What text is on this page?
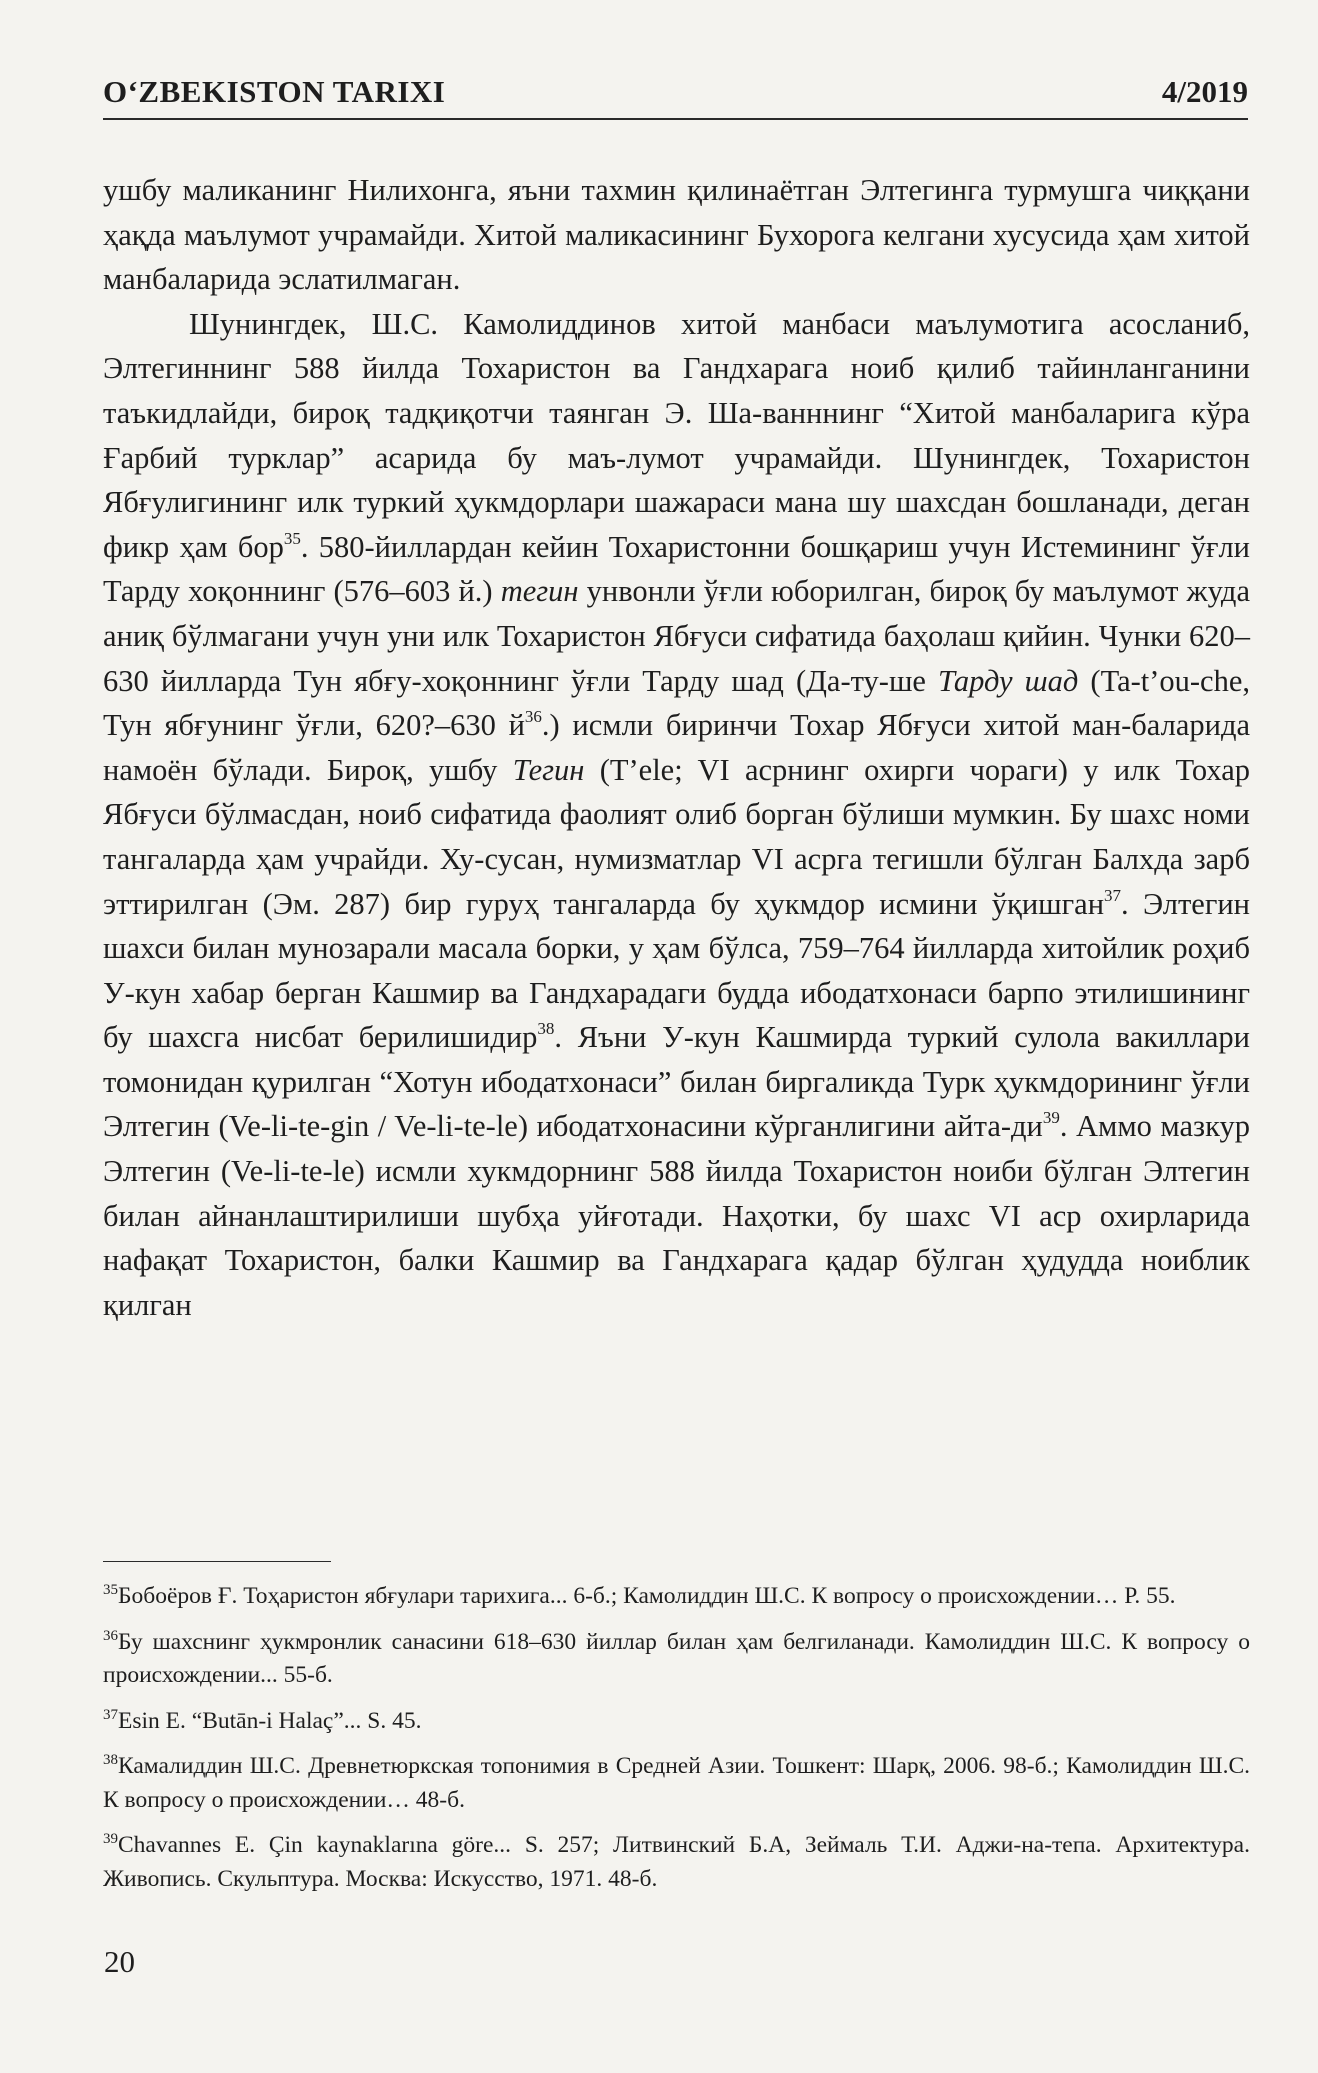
O‘ZBEKISTON TARIXI	4/2019

ушбу маликанинг Нилихонга, яъни тахмин қилинаётган Элтегинга турмушга чиққани ҳақда маълумот учрамайди. Хитой маликасининг Бухорога келгани хусусида ҳам хитой манбаларида эслатилмаган.

Шунингдек, Ш.С. Камолиддинов хитой манбаси маълумотига асосланиб, Элтегиннинг 588 йилда Тохаристон ва Гандхарага ноиб қилиб тайинланганини таъкидлайди, бироқ тадқиқотчи таянган Э. Ша-ванннинг “Хитой манбаларига кўра Ғарбий турклар” асарида бу маъ-лумот учрамайди. Шунингдек, Тохаристон Ябғулигининг илк туркий ҳукмдорлари шажараси мана шу шахсдан бошланади, деган фикр ҳам бор$^{35}$. 580-йиллардан кейин Тохаристонни бошқариш учун Истемининг ўғли Тарду хоқоннинг (576–603 й.) тегин унвонли ўғли юборилган, бироқ бу маълумот жуда аниқ бўлмагани учун уни илк Тохаристон Ябғуси сифатида баҳолаш қийин. Чунки 620–630 йилларда Тун ябғу-хоқоннинг ўғли Тарду шад (Да-ту-ше Тарду шад (Ta-t’ou-che, Тун ябғунинг ўғли, 620?–630 $й^{36}$.) исмли биринчи Тохар Ябғуси хитой ман-баларида намоён бўлади. Бироқ, ушбу Тегин (T’ele; VI асрнинг охирги чораги) у илк Тохар Ябғуси бўлмасдан, ноиб сифатида фаолият олиб борган бўлиши мумкин. Бу шахс номи тангаларда ҳам учрайди. Ху-сусан, нумизматлар VI асрга тегишли бўлган Балхда зарб эттирилган (Эм. 287) бир гуруҳ тангаларда бу ҳукмдор исмини ўқишган$^{37}$. Элтегин шахси билан мунозарали масала борки, у ҳам бўлса, 759–764 йилларда хитойлик роҳиб У-кун хабар берган Кашмир ва Гандхарадаги будда ибодатхонаси барпо этилишининг бу шахсга нисбат берилишидир$^{38}$. Яъни У-кун Кашмирда туркий сулола вакиллари томонидан қурилган “Хотун ибодатхонаси” билан биргаликда Турк ҳукмдорининг ўғли Элтегин (Ve-li-te-gin / Ve-li-te-le) ибодатхонасини кўрганлигини айта-$ди^{39}$. Аммо мазкур Элтегин (Ve-li-te-le) исмли хукмдорнинг 588 йилда Тохаристон ноиби бўлган Элтегин билан айнанлаштирилиши шубҳа уйғотади. Наҳотки, бу шахс VI аср охирларида нафақат Тохаристон, балки Кашмир ва Гандхарага қадар бўлган ҳудудда ноиблик қилган

$^{35}$Бобоёров Ғ. Тоҳаристон ябғулари тарихига... 6-б.; Камолиддин Ш.С. К вопросу о происхождении… Р. 55.

$^{36}$Бу шахснинг ҳукмронлик санасини 618–630 йиллар билан ҳам белгиланади. Камолиддин Ш.С. К вопросу о происхождении... 55-б.

$^{37}$Esin E. “Butān-i Halaç”... S. 45.

$^{38}$Камалиддин Ш.С. Древнетюркская топонимия в Средней Азии. Тошкент: Шарқ, 2006. 98-б.; Камолиддин Ш.С. К вопросу о происхождении… 48-б.

$^{39}$Chavannes E. Çin kaynaklarına göre... S. 257; Литвинский Б.А, Зеймаль Т.И. Аджи-на-тепа. Архитектура. Живопись. Скульптура. Москва: Искусство, 1971. 48-б.

20
